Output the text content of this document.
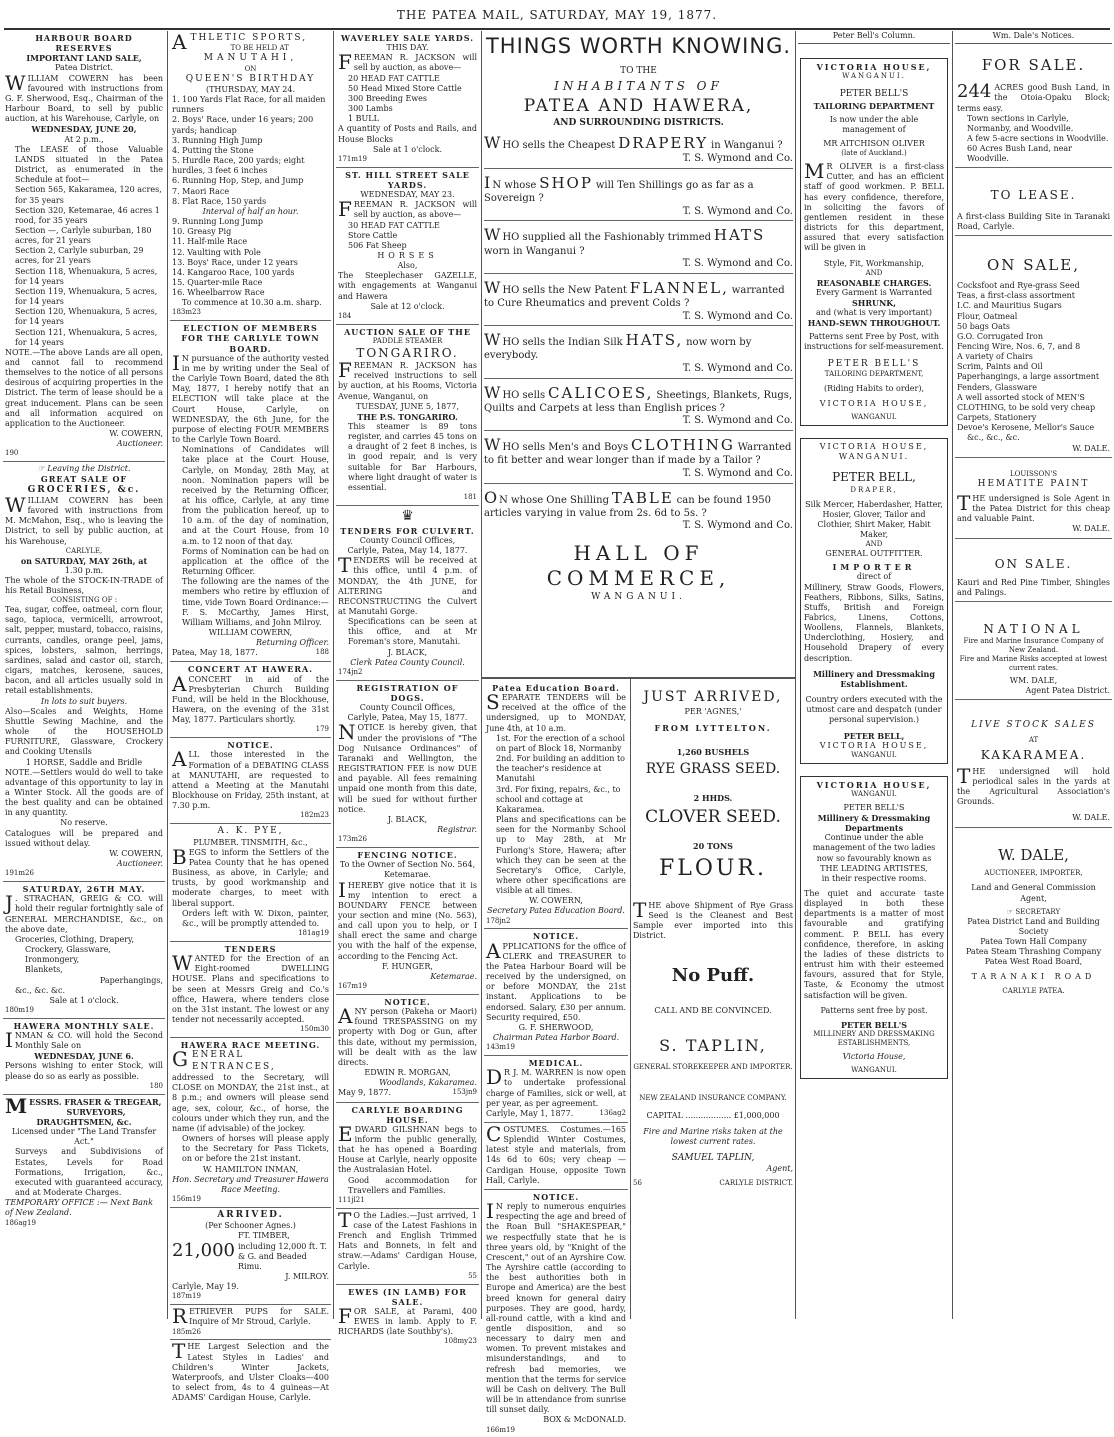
THE PATEA MAIL, SATURDAY, MAY 19, 1877.
HARBOUR BOARD RESERVES
IMPORTANT LAND SALE,
Patea District.
WILLIAM COWERN has been favoured with instructions from G. F. Sherwood, Esq., Chairman of the Harbour Board, to sell by public auction, at his Warehouse, Carlyle, on
WEDNESDAY, JUNE 20,
At 2 p.m.,
The LEASE of those Valuable LANDS situated in the Patea District, as enumerated in the Schedule at foot—
Section 565, Kakaramea, 120 acres, for 35 years
Section 320, Ketemarae, 46 acres 1 rood, for 35 years
Section —, Carlyle suburban, 180 acres, for 21 years
Section 2, Carlyle suburban, 29 acres, for 21 years
Section 118, Whenuakura, 5 acres, for 14 years
Section 119, Whenuakura, 5 acres, for 14 years
Section 120, Whenuakura, 5 acres, for 14 years
Section 121, Whenuakura, 5 acres, for 14 years
NOTE.—The above Lands are all open, and cannot fail to recommend themselves to the notice of all persons desirous of acquiring properties in the District. The term of lease should be a great inducement. Plans can be seen and all information acquired on application to the Auctioneer.
W. COWERN,
Auctioneer.
190
☞ Leaving the District.
GREAT SALE OF
GROCERIES, &c.
WILLIAM COWERN has been favored with instructions from M. McMahon, Esq., who is leaving the District, to sell by public auction, at his Warehouse,
CARLYLE,
on SATURDAY, MAY 26th, at
1.30 p.m.
The whole of the STOCK-IN-TRADE of his Retail Business,
CONSISTING OF :
Tea, sugar, coffee, oatmeal, corn flour, sago, tapioca, vermicelli, arrowroot, salt, pepper, mustard, tobacco, raisins, currants, candles, orange peel, jams, spices, lobsters, salmon, herrings, sardines, salad and castor oil, starch, cigars, matches, kerosene, sauces, bacon, and all articles usually sold in retail establishments.
In lots to suit buyers.
Also—Scales and Weights, Home Shuttle Sewing Machine, and the whole of the HOUSEHOLD FURNITURE, Glassware, Crockery and Cooking Utensils
1 HORSE, Saddle and Bridle
NOTE.—Settlers would do well to take advantage of this opportunity to lay in a Winter Stock. All the goods are of the best quality and can be obtained in any quantity.
No reserve.
Catalogues will be prepared and issued without delay.
W. COWERN,
Auctioneer.
191m26
SATURDAY, 26TH MAY.
J . STRACHAN, GREIG & CO. will hold their regular fortnightly sale of GENERAL MERCHANDISE, &c., on the above date,
Groceries, Clothing, Drapery,
Crockery, Glassware,
Ironmongery,
Blankets,
Paperhangings,
&c., &c. &c.
Sale at 1 o'clock.
180m19
HAWERA MONTHLY SALE.
INMAN & CO. will hold the Second Monthly Sale on
WEDNESDAY, JUNE 6.
Persons wishing to enter Stock, will please do so as early as possible.
180
MESSRS. FRASER & TREGEAR,
SURVEYORS, DRAUGHTSMEN, &c.
Licensed under "The Land Transfer Act."
Surveys and Subdivisions of Estates, Levels for Road Formations, Irrigation, &c., executed with guaranteed accuracy, and at Moderate Charges.
TEMPORARY OFFICE :— Next Bank of New Zealand.
186ag19
ATHLETIC SPORTS,
TO BE HELD AT
MANUTAHI,
ON
QUEEN'S BIRTHDAY
(THURSDAY, MAY 24.
1. 100 Yards Flat Race, for all maiden runners
2. Boys' Race, under 16 years; 200 yards; handicap
3. Running High Jump
4. Putting the Stone
5. Hurdle Race, 200 yards; eight hurdles, 3 feet 6 inches
6. Running Hop, Step, and Jump
7. Maori Race
8. Flat Race, 150 yards
Interval of half an hour.
9. Running Long Jump
10. Greasy Pig
11. Half-mile Race
12. Vaulting with Pole
13. Boys' Race, under 12 years
14. Kangaroo Race, 100 yards
15. Quarter-mile Race
16. Wheelbarrow Race
To commence at 10.30 a.m. sharp.
183m23
ELECTION OF MEMBERS FOR THE CARLYLE TOWN BOARD.
I N pursuance of the authority vested in me by writing under the Seal of the Carlyle Town Board, dated the 8th May, 1877, I hereby notify that an ELECTION will take place at the Court House, Carlyle, on WEDNESDAY, the 6th June, for the purpose of electing FOUR MEMBERS to the Carlyle Town Board.
Nominations of Candidates will take place at the Court House, Carlyle, on Monday, 28th May, at noon. Nomination papers will be received by the Returning Officer, at his office, Carlyle, at any time from the publication hereof, up to 10 a.m. of the day of nomination, and at the Court House, from 10 a.m. to 12 noon of that day.
Forms of Nomination can be had on application at the office of the Returning Officer.
The following are the names of the members who retire by effluxion of time, vide Town Board Ordinance:—
F. S. McCarthy, James Hirst, William Williams, and John Milroy.
WILLIAM COWERN,
Returning Officer.
Patea, May 18, 1877.	188
CONCERT AT HAWERA.
A CONCERT in aid of the Presbyterian Church Building Fund, will be held in the Blockhouse, Hawera, on the evening of the 31st May, 1877. Particulars shortly.
179
NOTICE.
ALL those interested in the Formation of a DEBATING CLASS at MANUTAHI, are requested to attend a Meeting at the Manutahi Blockhouse on Friday, 25th instant, at 7.30 p.m.
182m23
A. K. PYE,
PLUMBER. TINSMITH, &c.,
BEGS to inform the Settlers of the Patea County that he has opened Business, as above, in Carlyle; and trusts, by good workmanship and moderate charges, to meet with liberal support.
Orders left with W. Dixon, painter, &c., will be promptly attended to.
181ag19
TENDERS
WANTED for the Erection of an Eight-roomed DWELLING HOUSE. Plans and specifications to be seen at Messrs Greig and Co.'s office, Hawera, where tenders close on the 31st instant. The lowest or any tender not necessarily accepted.
150m30
HAWERA RACE MEETING.
GENERAL ENTRANCES,
addressed to the Secretary, will CLOSE on MONDAY, the 21st inst., at 8 p.m.; and owners will please send age, sex, colour, &c., of horse, the colours under which they run, and the name (if advisable) of the jockey.
Owners of horses will please apply to the Secretary for Pass Tickets, on or before the 21st instant.
W. HAMILTON INMAN,
Hon. Secretary and Treasurer Hawera Race Meeting.
156m19
ARRIVED.
(Per Schooner Agnes.)
21,000
FT. TIMBER, including 12,000 ft. T. & G. and Beaded Rimu.
J. MILROY.
Carlyle, May 19.
187m19
RETRIEVER PUPS for SALE. Inquire of Mr Stroud, Carlyle.
185m26
THE Largest Selection and the Latest Styles in Ladies' and Children's Winter Jackets, Waterproofs, and Ulster Cloaks—400 to select from, 4s to 4 guineas—At ADAMS' Cardigan House, Carlyle.
WAVERLEY SALE YARDS.
THIS DAY.
FREEMAN R. JACKSON will sell by auction, as above—
20 HEAD FAT CATTLE
50 Head Mixed Store Cattle
300 Breeding Ewes
300 Lambs
1 BULL
A quantity of Posts and Rails, and House Blocks
Sale at 1 o'clock.
171m19
ST. HILL STREET SALE YARDS.
WEDNESDAY, MAY 23.
FREEMAN R. JACKSON will sell by auction, as above—
30 HEAD FAT CATTLE
Store Cattle
506 Fat Sheep
HORSES
Also,
The Steeplechaser GAZELLE, with engagements at Wanganui and Hawera
Sale at 12 o'clock.
184
AUCTION SALE OF THE
PADDLE STEAMER
TONGARIRO.
FREEMAN R. JACKSON has received instructions to sell by auction, at his Rooms, Victoria Avenue, Wanganui, on
TUESDAY, JUNE 5, 1877,
THE P.S. TONGARIRO.
This steamer is 89 tons register, and carries 45 tons on a draught of 2 feet 8 inches, is in good repair, and is very suitable for Bar Harbours, where light draught of water is essential.
181
♛
TENDERS FOR CULVERT.
County Council Offices,
Carlyle, Patea, May 14, 1877.
TENDERS will be received at this office, until 4 p.m. of MONDAY, the 4th JUNE, for ALTERING and RECONSTRUCTING the Culvert at Manutahi Gorge.
Specifications can be seen at this office, and at Mr Foreman's store, Manutahi.
J. BLACK,
Clerk Patea County Council.
174jn2
REGISTRATION OF DOGS.
County Council Offices,
Carlyle, Patea, May 15, 1877.
NOTICE is hereby given, that under the provisions of "The Dog Nuisance Ordinances" of Taranaki and Wellington, the REGISTRATION FEE is now DUE and payable. All fees remaining unpaid one month from this date, will be sued for without further notice.
J. BLACK,
Registrar.
173m26
FENCING NOTICE.
To the Owner of Section No. 564, Ketemarae.
I HEREBY give notice that it is my intention to erect a BOUNDARY FENCE between your section and mine (No. 563), and call upon you to help, or I shall erect the same and charge you with the half of the expense, according to the Fencing Act.
F. HUNGER,
Ketemarae.
167m19
NOTICE.
ANY person (Pakeha or Maori) found TRESPASSING on my property with Dog or Gun, after this date, without my permission, will be dealt with as the law directs.
EDWIN R. MORGAN,
Woodlands, Kakaramea.
May 9, 1877.	153jn9
CARLYLE BOARDING HOUSE.
EDWARD GILSHNAN begs to inform the public generally, that he has opened a Boarding House at Carlyle, nearly opposite the Australasian Hotel.
Good accommodation for Travellers and Families.
111jl21
T O the Ladies.—Just arrived, 1 case of the Latest Fashions in French and English Trimmed Hats and Bonnets, in felt and straw.—Adams' Cardigan House, Carlyle.
55
EWES (IN LAMB) FOR SALE.
FOR SALE, at Parami, 400 EWES in lamb. Apply to F. RICHARDS (late Southby's).
108my23
THINGS WORTH KNOWING.
TO THE
INHABITANTS OF
PATEA AND HAWERA,
AND SURROUNDING DISTRICTS.
WHO sells the Cheapest DRAPERY in Wanganui ?
T. S. Wymond and Co.
I N whose SHOP will Ten Shillings go as far as a Sovereign ?
T. S. Wymond and Co.
WHO supplied all the Fashionably trimmed HATS worn in Wanganui ?
T. S. Wymond and Co.
WHO sells the New Patent FLANNEL, warranted to Cure Rheumatics and prevent Colds ?
T. S. Wymond and Co.
WHO sells the Indian Silk HATS, now worn by everybody.
T. S. Wymond and Co.
WHO sells CALICOES, Sheetings, Blankets, Rugs, Quilts and Carpets at less than English prices ?
T. S. Wymond and Co.
WHO sells Men's and Boys CLOTHING Warranted to fit better and wear longer than if made by a Tailor ?
T. S. Wymond and Co.
O N whose One Shilling TABLE can be found 1950 articles varying in value from 2s. 6d to 5s. ?
T. S. Wymond and Co.
HALL OF COMMERCE,
WANGANUI.
Patea Education Board.
SEPARATE TENDERS will be received at the office of the undersigned, up to MONDAY, June 4th, at 10 a.m.
1st. For the erection of a school on part of Block 18, Normanby
2nd. For building an addition to the teacher's residence at Manutahi
3rd. For fixing, repairs, &c., to school and cottage at Kakaramea.
Plans and specifications can be seen for the Normanby School up to May 28th, at Mr Furlong's Store, Hawera; after which they can be seen at the Secretary's Office, Carlyle, where other specifications are visible at all times.
W. COWERN,
Secretary Patea Education Board.
178jn2
NOTICE.
APPLICATIONS for the office of CLERK and TREASURER to the Patea Harbour Board will be received by the undersigned, on or before MONDAY, the 21st instant. Applications to be endorsed. Salary, £30 per annum. Security required, £50.
G. F. SHERWOOD,
Chairman Patea Harbor Board.
143m19
MEDICAL.
D R J. M. WARREN is now open to undertake professional charge of Families, sick or well, at per year, as per agreement.
Carlyle, May 1, 1877.	136ag2
COSTUMES. Costumes.—165 Splendid Winter Costumes, latest style and materials, from 14s 6d to 60s; very cheap —Cardigan House, opposite Town Hall, Carlyle.
NOTICE.
I N reply to numerous enquiries respecting the age and breed of the Roan Bull "SHAKESPEAR," we respectfully state that he is three years old, by "Knight of the Crescent," out of an Ayrshire Cow. The Ayrshire cattle (according to the best authorities both in Europe and America) are the best breed known for general dairy purposes. They are good, hardy, all-round cattle, with a kind and gentle disposition, and so necessary to dairy men and women. To prevent mistakes and misunderstandings, and to refresh bad memories, we mention that the terms for service will be Cash on delivery. The Bull will be in attendance from sunrise till sunset daily.
BOX & McDONALD.
166m19
JUST ARRIVED,
PER 'AGNES,'
FROM LYTTELTON.
1,260 BUSHELS
RYE GRASS SEED.
2 HHDS.
CLOVER SEED.
20 TONS
FLOUR.
THE above Shipment of Rye Grass Seed is the Cleanest and Best Sample ever imported into this District.
No Puff.
CALL AND BE CONVINCED.
S. TAPLIN,
GENERAL STOREKEEPER AND IMPORTER.
NEW ZEALAND INSURANCE COMPANY.
CAPITAL .................. £1,000,000
Fire and Marine risks taken at the lowest current rates.
SAMUEL TAPLIN,
Agent,
56	CARLYLE DISTRICT.
Peter Bell's Column.
VICTORIA HOUSE,
WANGANUI.
PETER BELL'S
TAILORING DEPARTMENT
Is now under the able management of
MR AITCHISON OLIVER
(late of Auckland.)
M R OLIVER is a first-class Cutter, and has an efficient staff of good workmen. P. BELL has every confidence, therefore, in soliciting the favors of gentlemen resident in these districts for this department, assured that every satisfaction will be given in
Style, Fit, Workmanship,
AND
REASONABLE CHARGES.
Every Garment is Warranted
SHRUNK,
and (what is very important)
HAND-SEWN THROUGHOUT.
Patterns sent Free by Post, with instructions for self-measurement.
PETER BELL'S
TAILORING DEPARTMENT,
(Riding Habits to order),
VICTORIA HOUSE,
WANGANUI.
VICTORIA HOUSE,
WANGANUI.
PETER BELL,
DRAPER,
Silk Mercer, Haberdasher, Hatter, Hosier, Glover, Tailor and Clothier, Shirt Maker, Habit Maker,
AND
GENERAL OUTFITTER.
IMPORTER
direct of
Millinery, Straw Goods, Flowers, Feathers, Ribbons, Silks, Satins, Stuffs, British and Foreign Fabrics, Linens, Cottons, Woollens, Flannels, Blankets, Underclothing, Hosiery, and Household Drapery of every description.
Millinery and Dressmaking Establishment.
Country orders executed with the utmost care and despatch (under personal supervision.)
PETER BELL,
VICTORIA HOUSE,
WANGANUI.
VICTORIA HOUSE,
WANGANUI.
PETER BELL'S
Millinery & Dressmaking Departments
Continue under the able management of the two ladies now so favourably known as
THE LEADING ARTISTES,
in their respective rooms.
The quiet and accurate taste displayed in both these departments is a matter of most favourable and gratifying comment. P. BELL has every confidence, therefore, in asking the ladies of these districts to entrust him with their esteemed favours, assured that for Style, Taste, & Economy the utmost satisfaction will be given.
Patterns sent free by post.
PETER BELL'S
MILLINERY AND DRESSMAKING ESTABLISHMENTS,
Victoria House,
WANGANUI.
Wm. Dale's Notices.
FOR SALE.
244 ACRES good Bush Land, in the Otoia-Opaku Block; terms easy.
Town sections in Carlyle, Normanby, and Woodville.
A few 5-acre sections in Woodville.
60 Acres Bush Land, near Woodville.
TO LEASE.
A first-class Building Site in Taranaki Road, Carlyle.
ON SALE,
Cocksfoot and Rye-grass Seed
Teas, a first-class assortment
I.C. and Mauritius Sugars
Flour, Oatmeal
50 bags Oats
G.O. Corrugated Iron
Fencing Wire, Nos. 6, 7, and 8
A variety of Chairs
Scrim, Paints and Oil
Paperhangings, a large assortment
Fenders, Glassware
A well assorted stock of MEN'S CLOTHING, to be sold very cheap
Carpets, Stationery
Devoe's Kerosene, Mellor's Sauce
&c., &c., &c.
W. DALE.
LOUISSON'S
HEMATITE PAINT
THE undersigned is Sole Agent in the Patea District for this cheap and valuable Paint.
W. DALE.
ON SALE.
Kauri and Red Pine Timber, Shingles and Palings.
NATIONAL
Fire and Marine Insurance Company of New Zealand.
Fire and Marine Risks accepted at lowest current rates.
WM. DALE,
Agent Patea District.
LIVE STOCK SALES
AT
KAKARAMEA.
THE undersigned will hold periodical sales in the yards at the Agricultural Association's Grounds.
W. DALE.
W. DALE,
AUCTIONEER, IMPORTER,
Land and General Commission Agent,
☞ SECRETARY
Patea District Land and Building Society
Patea Town Hall Company
Patea Steam Thrashing Company
Patea West Road Board,
TARANAKI ROAD
CARLYLE PATEA.
